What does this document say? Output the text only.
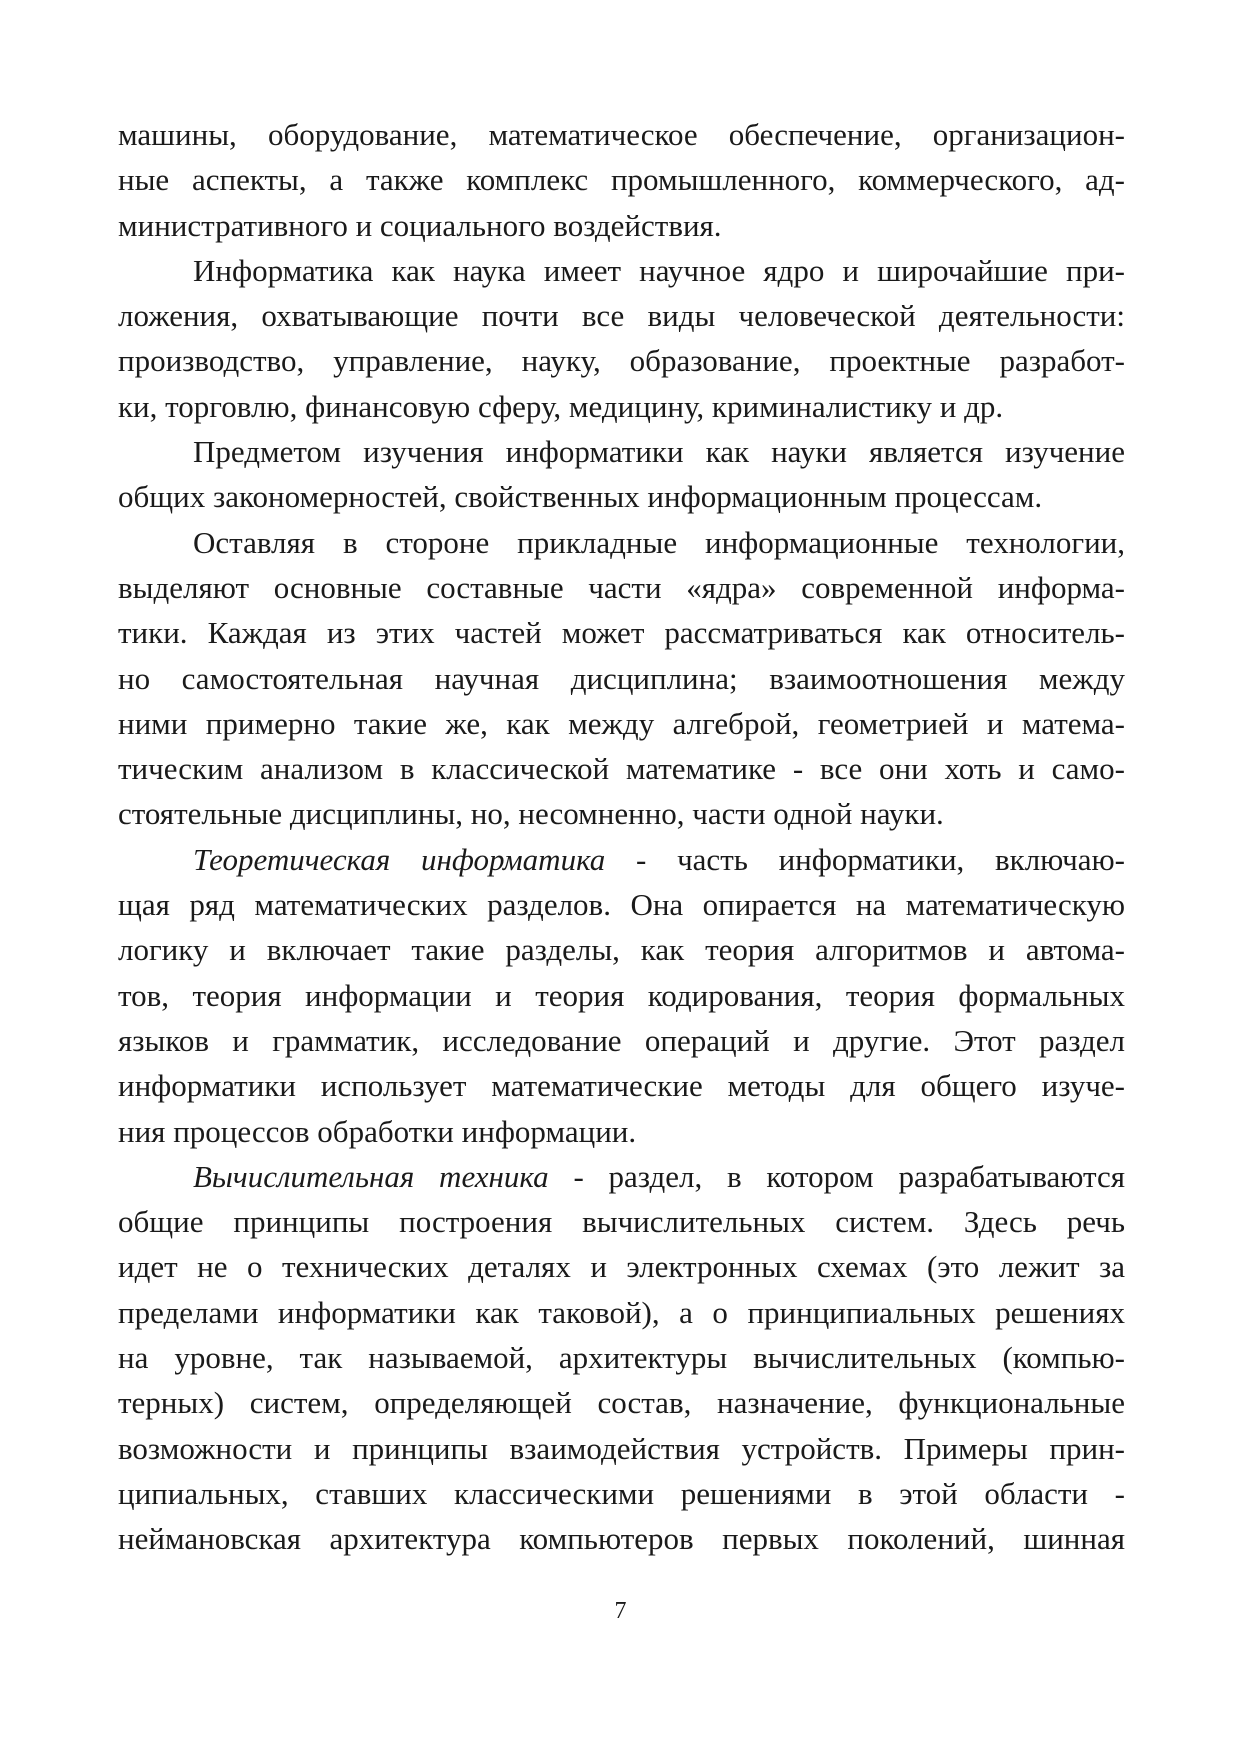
машины, оборудование, математическое обеспечение, организацион-
ные аспекты, а также комплекс промышленного, коммерческого, ад-
министративного и социального воздействия.
Информатика как наука имеет научное ядро и широчайшие при-
ложения, охватывающие почти все виды человеческой деятельности:
производство, управление, науку, образование, проектные разработ-
ки, торговлю, финансовую сферу, медицину, криминалистику и др.
Предметом изучения информатики как науки является изучение
общих закономерностей, свойственных информационным процессам.
Оставляя в стороне прикладные информационные технологии,
выделяют основные составные части «ядра» современной информа-
тики. Каждая из этих частей может рассматриваться как относитель-
но самостоятельная научная дисциплина; взаимоотношения между
ними примерно такие же, как между алгеброй, геометрией и матема-
тическим анализом в классической математике - все они хоть и само-
стоятельные дисциплины, но, несомненно, части одной науки.
Теоретическая информатика - часть информатики, включаю-
щая ряд математических разделов. Она опирается на математическую
логику и включает такие разделы, как теория алгоритмов и автома-
тов, теория информации и теория кодирования, теория формальных
языков и грамматик, исследование операций и другие. Этот раздел
информатики использует математические методы для общего изуче-
ния процессов обработки информации.
Вычислительная техника - раздел, в котором разрабатываются
общие принципы построения вычислительных систем. Здесь речь
идет не о технических деталях и электронных схемах (это лежит за
пределами информатики как таковой), а о принципиальных решениях
на уровне, так называемой, архитектуры вычислительных (компью-
терных) систем, определяющей состав, назначение, функциональные
возможности и принципы взаимодействия устройств. Примеры прин-
ципиальных, ставших классическими решениями в этой области -
неймановская архитектура компьютеров первых поколений, шинная
7
